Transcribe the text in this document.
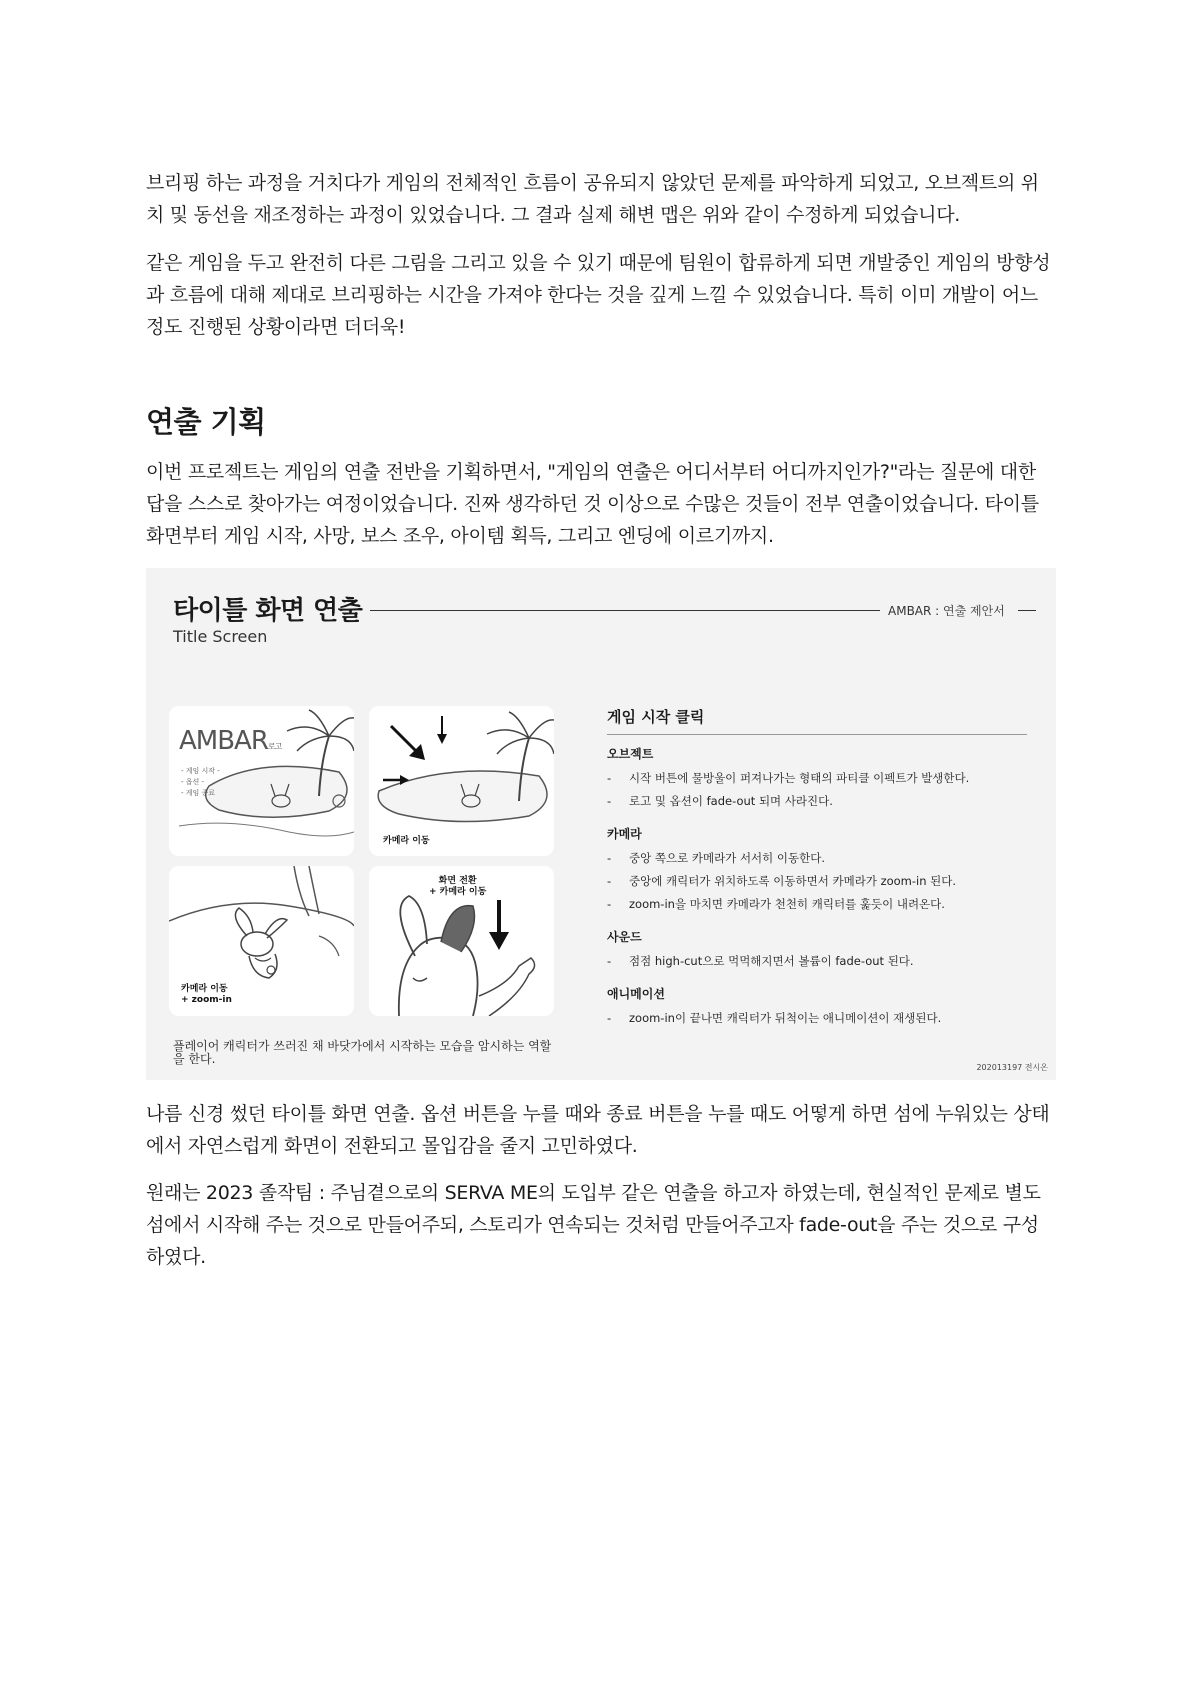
브리핑 하는 과정을 거치다가 게임의 전체적인 흐름이 공유되지 않았던 문제를 파악하게 되었고, 오브젝트의 위
치 및 동선을 재조정하는 과정이 있었습니다. 그 결과 실제 해변 맵은 위와 같이 수정하게 되었습니다.
같은 게임을 두고 완전히 다른 그림을 그리고 있을 수 있기 때문에 팀원이 합류하게 되면 개발중인 게임의 방향성
과 흐름에 대해 제대로 브리핑하는 시간을 가져야 한다는 것을 깊게 느낄 수 있었습니다. 특히 이미 개발이 어느
정도 진행된 상황이라면 더더욱!
연출 기획
이번 프로젝트는 게임의 연출 전반을 기획하면서, "게임의 연출은 어디서부터 어디까지인가?"라는 질문에 대한
답을 스스로 찾아가는 여정이었습니다. 진짜 생각하던 것 이상으로 수많은 것들이 전부 연출이었습니다. 타이틀
화면부터 게임 시작, 사망, 보스 조우, 아이템 획득, 그리고 엔딩에 이르기까지.
타이틀 화면 연출
Title Screen
AMBAR : 연출 제안서
AMBAR로고
- 게임 시작 -
- 옵션 -
- 게임 종료
카메라 이동
카메라 이동
+ zoom-in
화면 전환
+ 카메라 이동
플레이어 캐릭터가 쓰러진 채 바닷가에서 시작하는 모습을 암시하는 역할을 한다.
게임 시작 클릭
오브젝트
- 시작 버튼에 물방울이 퍼져나가는 형태의 파티클 이펙트가 발생한다.
- 로고 및 옵션이 fade-out 되며 사라진다.
카메라
- 중앙 쪽으로 카메라가 서서히 이동한다.
- 중앙에 캐릭터가 위치하도록 이동하면서 카메라가 zoom-in 된다.
- zoom-in을 마치면 카메라가 천천히 캐릭터를 훑듯이 내려온다.
사운드
- 점점 high-cut으로 먹먹해지면서 볼륨이 fade-out 된다.
애니메이션
- zoom-in이 끝나면 캐릭터가 뒤척이는 애니메이션이 재생된다.
202013197 전시온
나름 신경 썼던 타이틀 화면 연출. 옵션 버튼을 누를 때와 종료 버튼을 누를 때도 어떻게 하면 섬에 누워있는 상태
에서 자연스럽게 화면이 전환되고 몰입감을 줄지 고민하였다.
원래는 2023 졸작팀 : 주님곁으로의 SERVA ME의 도입부 같은 연출을 하고자 하였는데, 현실적인 문제로 별도
섬에서 시작해 주는 것으로 만들어주되, 스토리가 연속되는 것처럼 만들어주고자 fade-out을 주는 것으로 구성
하였다.
